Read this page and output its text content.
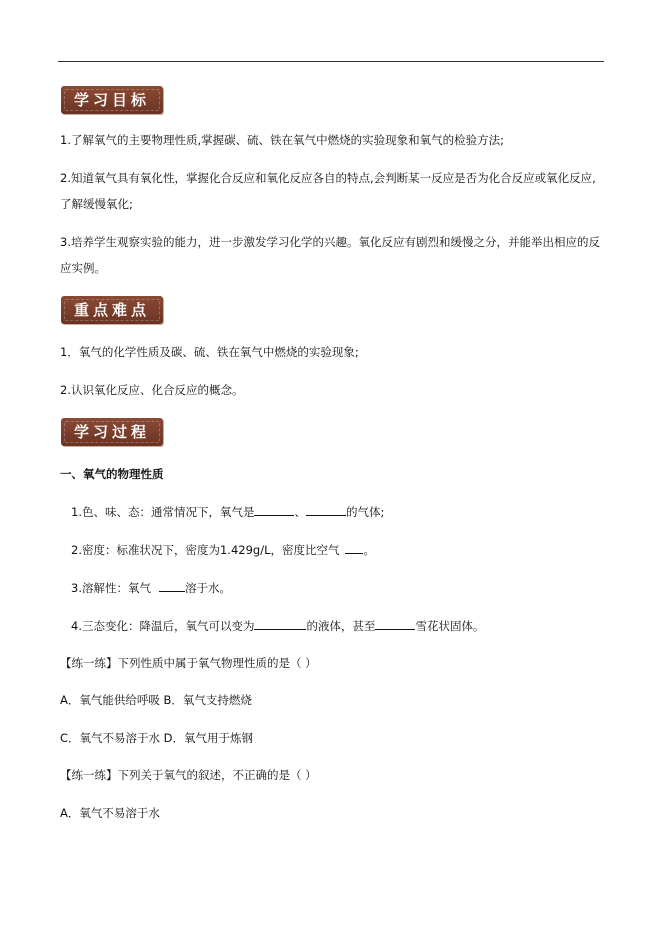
学习目标
1.了解氧气的主要物理性质,掌握碳、硫、铁在氧气中燃烧的实验现象和氧气的检验方法;
2.知道氧气具有氧化性，掌握化合反应和氧化反应各自的特点,会判断某一反应是否为化合反应或氧化反应,
了解缓慢氧化;
3.培养学生观察实验的能力，进一步激发学习化学的兴趣。氧化反应有剧烈和缓慢之分，并能举出相应的反
应实例。
重点难点
1．氧气的化学性质及碳、硫、铁在氧气中燃烧的实验现象;
2.认识氧化反应、化合反应的概念。
学习过程
一、氧气的物理性质
1.色、味、态：通常情况下，氧气是	、	的气体;
2.密度：标准状况下，密度为1.429g/L，密度比空气 。
3.溶解性：氧气	溶于水。
4.三态变化：降温后，氧气可以变为	的液体，甚至	雪花状固体。
【练一练】下列性质中属于氧气物理性质的是（ ）
A．氧气能供给呼吸 B．氧气支持燃烧
C．氧气不易溶于水 D．氧气用于炼钢
【练一练】下列关于氧气的叙述，不正确的是（ ）
A．氧气不易溶于水
